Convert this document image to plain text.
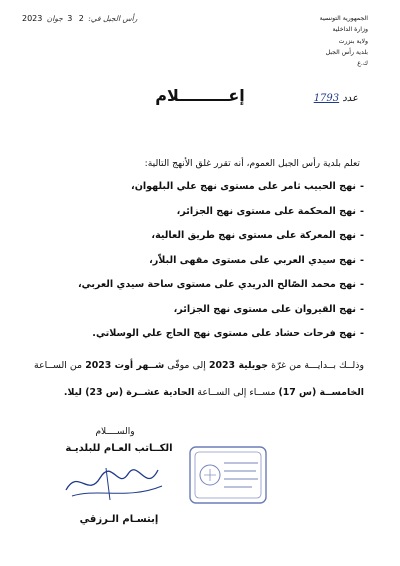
الجمهورية التونسية
وزارة الداخلية
ولاية بنزرت
بلدية رأس الجبل
ك.ع
رأس الجبل في: 2 3 جوان 2023
عدد 1793
إعـــــــــلام
تعلم بلدية رأس الجبل العموم، أنه تقرر غلق الأنهج التالية:
-نهج الحبيب ثامر على مستوى نهج علي البلهوان،
-نهج المحكمة على مستوى نهج الجزائر،
-نهج المعركة على مستوى نهج طريق العالية،
-نهج سيدي العربي على مستوى مقهى البلاّر،
-نهج محمد الصّالح الدريدي على مستوى ساحة سيدي العربي،
-نهج القيروان على مستوى نهج الجزائر،
-نهج فرحات حشاد على مستوى نهج الحاج علي الوسلاتي.
وذلــك بــدايـــة من غرّة جويلية 2023 إلى موفّى شــهر أوت 2023 من الســاعة الخامســة (س 17) مســاء إلى الســاعة الحادية عشــرة (س 23) ليلا.
والســــلام
الكــاتب العـام للبلديـة
إبتسـام الـرزقي
